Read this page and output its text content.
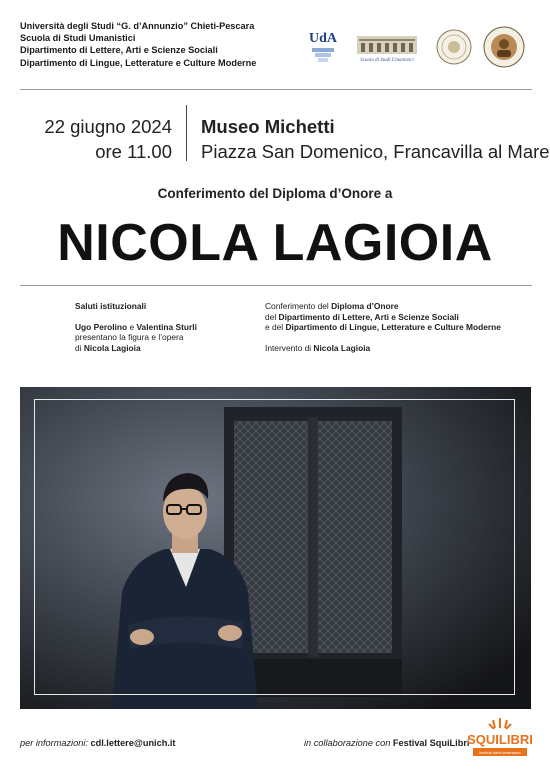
Università degli Studi “G. d’Annunzio” Chieti-Pescara
Scuola di Studi Umanistici
Dipartimento di Lettere, Arti e Scienze Sociali
Dipartimento di Lingue, Letterature e Culture Moderne
UdA
Scuola di Studi Umanistici
22 giugno 2024
ore 11.00
Museo Michetti
Piazza San Domenico, Francavilla al Mare
Conferimento del Diploma d’Onore a
NICOLA LAGIOIA
Saluti istituzionali
Ugo Perolino e Valentina Sturli
presentano la figura e l’opera
di Nicola Lagioia
Conferimento del Diploma d’Onore
del Dipartimento di Lettere, Arti e Scienze Sociali
e del Dipartimento di Lingue, Letterature e Culture Moderne
Intervento di Nicola Lagioia
per informazioni: cdl.lettere@unich.it	in collaborazione con Festival SquiLibri
SQUILIBRI
festival della letteratura
